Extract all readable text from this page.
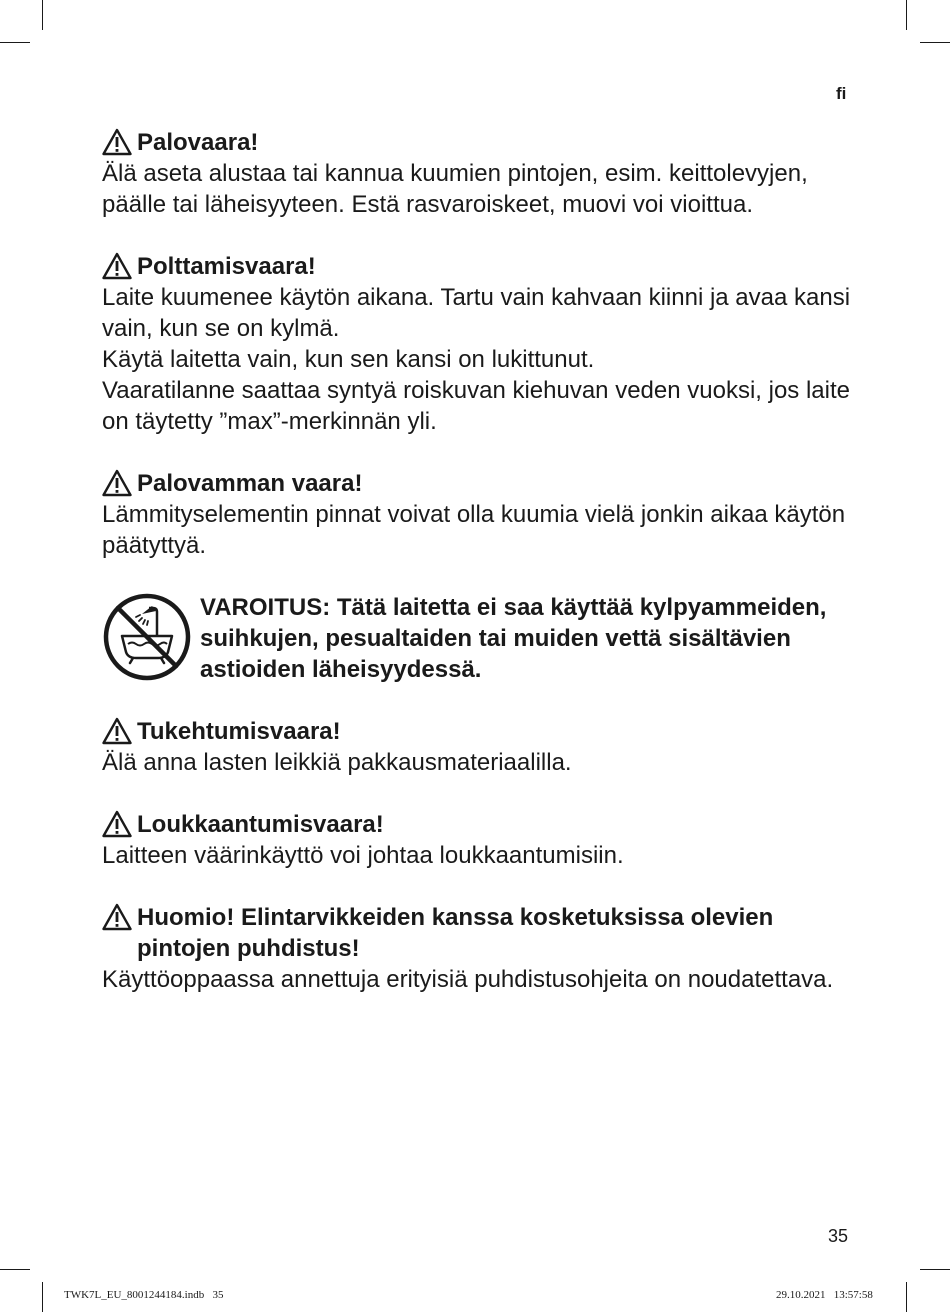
fi
Palovaara!

Älä aseta alustaa tai kannua kuumien pintojen, esim. keittolevyjen, päälle tai läheisyyteen. Estä rasvaroiskeet, muovi voi vioittua.

Polttamisvaara!

Laite kuumenee käytön aikana. Tartu vain kahvaan kiinni ja avaa kansi vain, kun se on kylmä.

Käytä laitetta vain, kun sen kansi on lukittunut.

Vaaratilanne saattaa syntyä roiskuvan kiehuvan veden vuoksi, jos laite on täytetty ”max”-merkinnän yli.

Palovamman vaara!

Lämmityselementin pinnat voivat olla kuumia vielä jonkin aikaa käytön päätyttyä.

VAROITUS: Tätä laitetta ei saa käyttää kylpyammeiden, suihkujen, pesualtaiden tai muiden vettä sisältävien astioiden läheisyydessä.
Tukehtumisvaara!

Älä anna lasten leikkiä pakkausmateriaalilla.

Loukkaantumisvaara!

Laitteen väärinkäyttö voi johtaa loukkaantumisiin.

Huomio! Elintarvikkeiden kanssa kosketuksissa olevien pintojen puhdistus!

Käyttöoppaassa annettuja erityisiä puhdistusohjeita on noudatettava.

35
TWK7L_EU_8001244184.indb   35	29.10.2021   13:57:58
